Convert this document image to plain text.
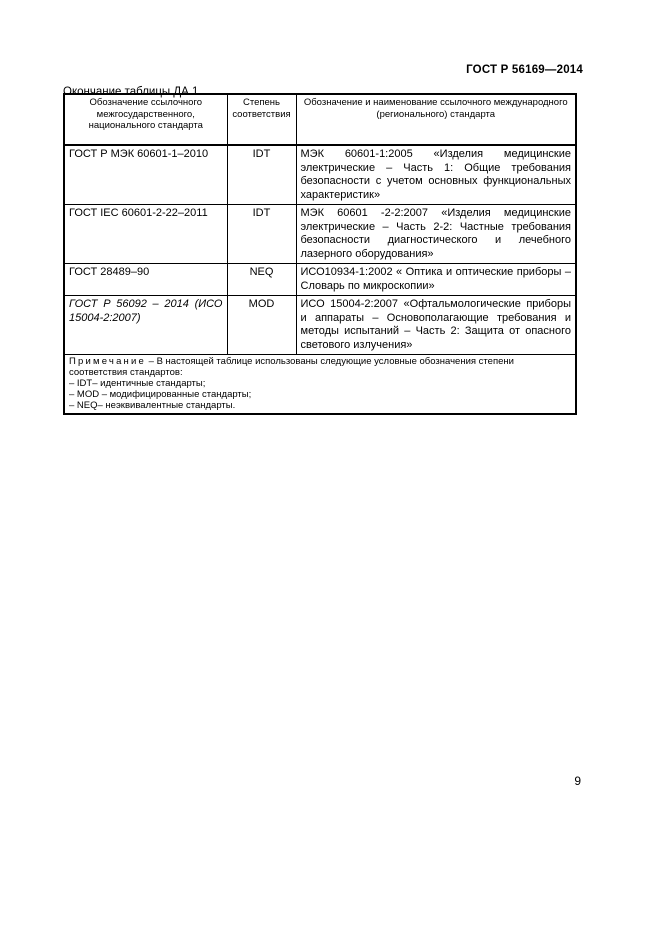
ГОСТ Р 56169—2014
Окончание таблицы ДА.1
Обозначение ссылочного межгосударственного, национального стандарта	Степень соответствия	Обозначение и наименование ссылочного международного (регионального) стандарта
ГОСТ Р МЭК 60601-1–2010	IDT	МЭК 60601-1:2005 «Изделия медицинские электрические – Часть 1: Общие требования безопасности с учетом основных функциональных характеристик»
ГОСТ IEC 60601-2-22–2011	IDT	МЭК 60601 -2-2:2007 «Изделия медицинские электрические – Часть 2-2: Частные требования безопасности диагностического и лечебного лазерного оборудования»
ГОСТ 28489–90	NEQ	ИСО10934-1:2002 « Оптика и оптические приборы – Словарь по микроскопии»
ГОСТ Р 56092 – 2014 (ИСО 15004-2:2007)	MOD	ИСО 15004-2:2007 «Офтальмологические приборы и аппараты – Основополагающие требования и методы испытаний – Часть 2: Защита от опасного светового излучения»

Примечание – В настоящей таблице использованы следующие условные обозначения степени соответствия стандартов:
– IDT– идентичные стандарты;
– MOD – модифицированные стандарты;
– NEQ– неэквивалентные стандарты.		
9
